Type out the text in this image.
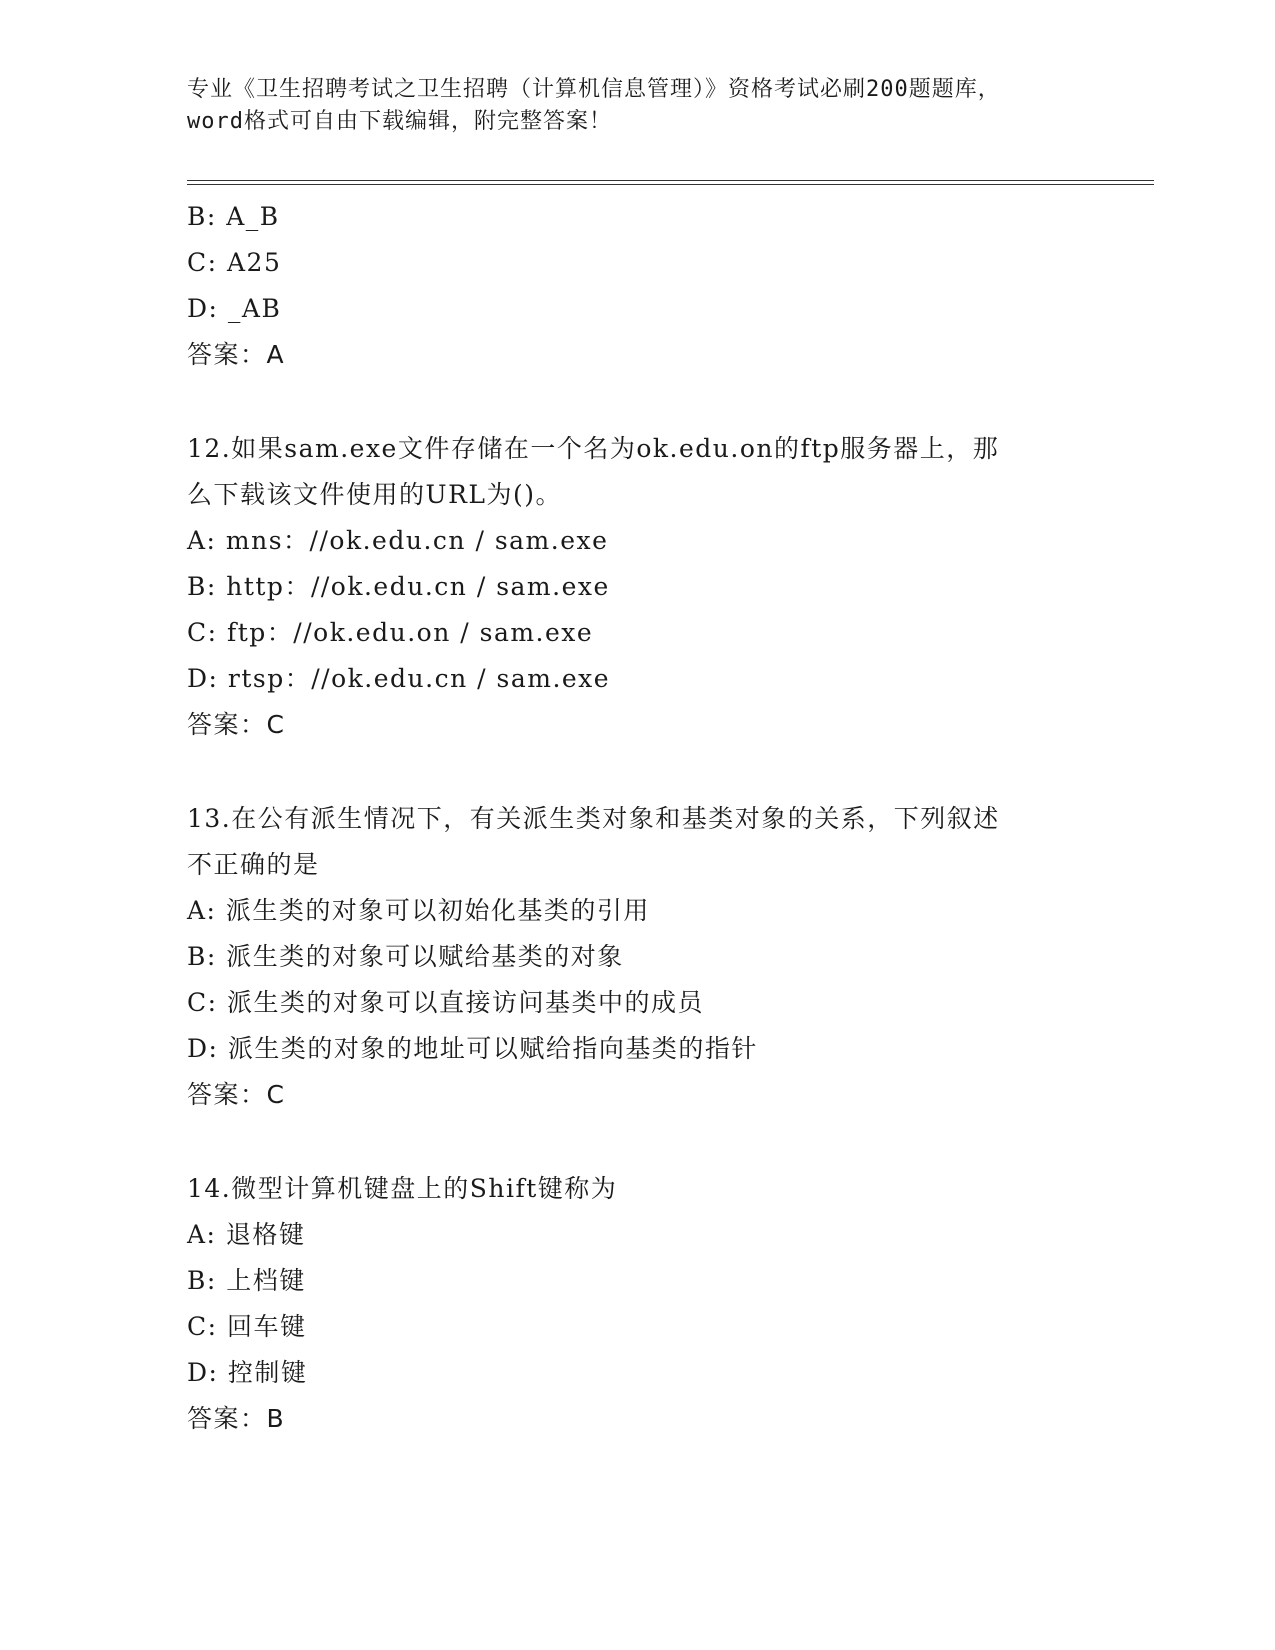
专业《卫生招聘考试之卫生招聘（计算机信息管理）》资格考试必刷200题题库，
word格式可自由下载编辑，附完整答案！
B: A_B
C: A25
D: _AB
答案：A
12.如果sam.exe文件存储在一个名为ok.edu.on的ftp服务器上，那
么下载该文件使用的URL为()。
A: mns：//ok.edu.cn / sam.exe
B: http：//ok.edu.cn / sam.exe
C: ftp：//ok.edu.on / sam.exe
D: rtsp：//ok.edu.cn / sam.exe
答案：C
13.在公有派生情况下，有关派生类对象和基类对象的关系，下列叙述
不正确的是
A: 派生类的对象可以初始化基类的引用
B: 派生类的对象可以赋给基类的对象
C: 派生类的对象可以直接访问基类中的成员
D: 派生类的对象的地址可以赋给指向基类的指针
答案：C
14.微型计算机键盘上的Shift键称为
A: 退格键
B: 上档键
C: 回车键
D: 控制键
答案：B
